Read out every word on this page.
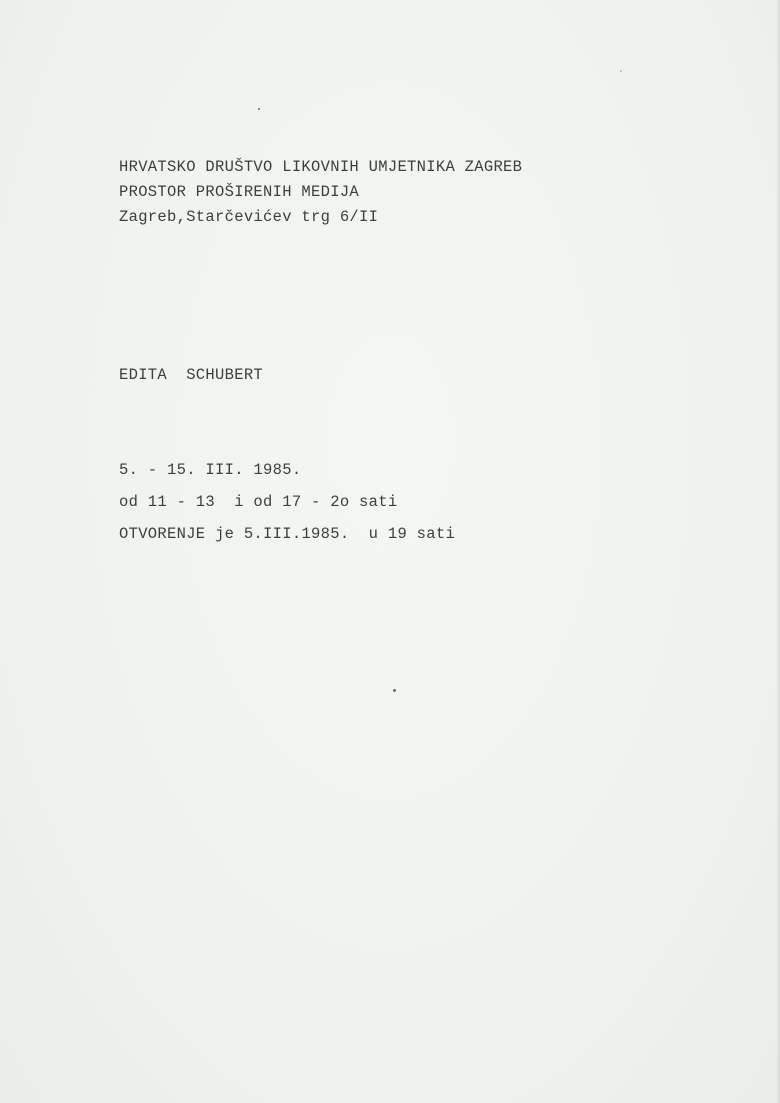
HRVATSKO DRUŠTVO LIKOVNIH UMJETNIKA ZAGREB
PROSTOR PROŠIRENIH MEDIJA
Zagreb,Starčevićev trg 6/II
EDITA  SCHUBERT
5. - 15. III. 1985.
od 11 - 13  i od 17 - 2o sati
OTVORENJE je 5.III.1985.  u 19 sati
